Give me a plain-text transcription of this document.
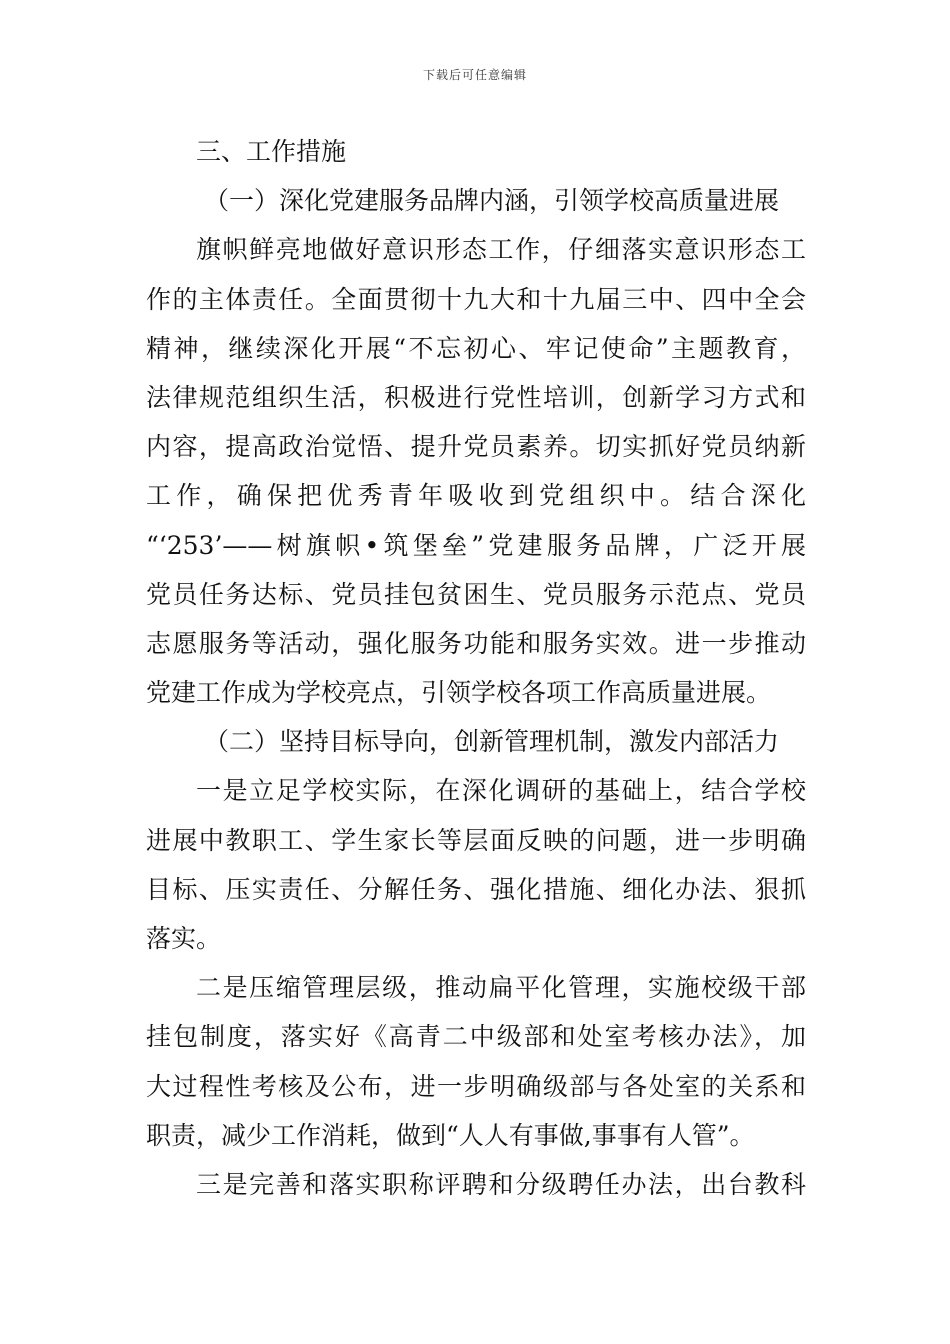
下载后可任意编辑
三、工作措施
（一）深化党建服务品牌内涵，引领学校高质量进展
旗帜鲜亮地做好意识形态工作，仔细落实意识形态工
作的主体责任。全面贯彻十九大和十九届三中、四中全会
精神，继续深化开展“不忘初心、牢记使命”主题教育，
法律规范组织生活，积极进行党性培训，创新学习方式和
内容，提高政治觉悟、提升党员素养。切实抓好党员纳新
工作，确保把优秀青年吸收到党组织中。结合深化
“‘253’——树旗帜•筑堡垒”党建服务品牌，广泛开展
党员任务达标、党员挂包贫困生、党员服务示范点、党员
志愿服务等活动，强化服务功能和服务实效。进一步推动
党建工作成为学校亮点，引领学校各项工作高质量进展。
（二）坚持目标导向，创新管理机制，激发内部活力
一是立足学校实际，在深化调研的基础上，结合学校
进展中教职工、学生家长等层面反映的问题，进一步明确
目标、压实责任、分解任务、强化措施、细化办法、狠抓
落实。
二是压缩管理层级，推动扁平化管理，实施校级干部
挂包制度，落实好《高青二中级部和处室考核办法》，加
大过程性考核及公布，进一步明确级部与各处室的关系和
职责，减少工作消耗，做到“人人有事做,事事有人管”。
三是完善和落实职称评聘和分级聘任办法，出台教科
